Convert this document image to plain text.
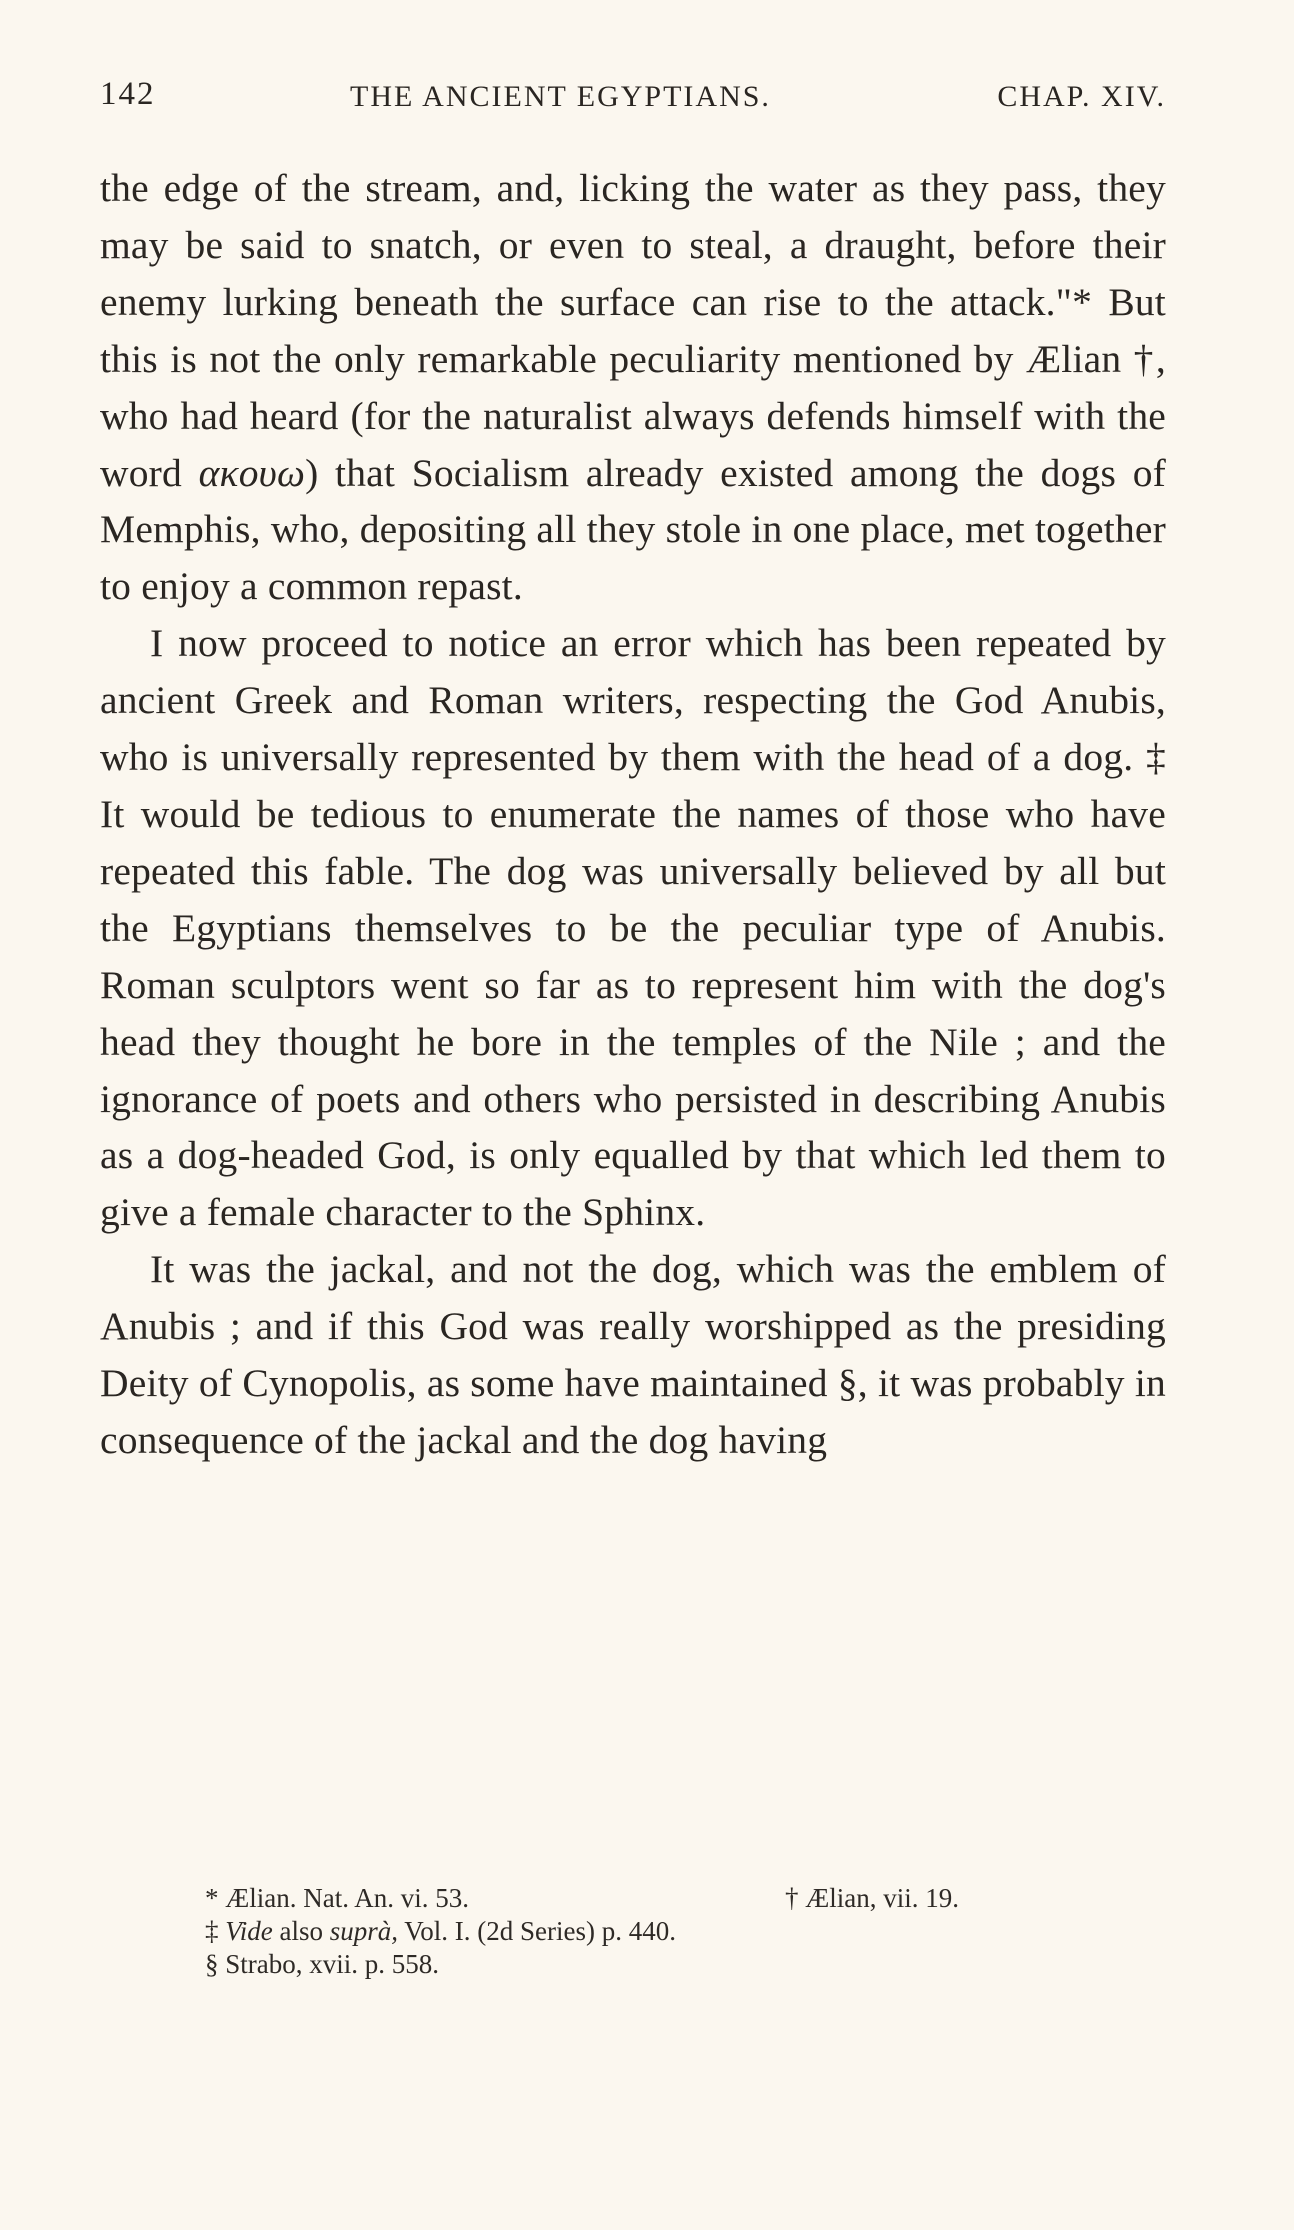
142	THE ANCIENT EGYPTIANS.	CHAP. XIV.

the edge of the stream, and, licking the water as they pass, they may be said to snatch, or even to steal, a draught, before their enemy lurking beneath the surface can rise to the attack."* But this is not the only remarkable peculiarity mentioned by Ælian †, who had heard (for the naturalist always defends himself with the word ακουω) that Socialism already existed among the dogs of Memphis, who, depositing all they stole in one place, met together to enjoy a common repast.

I now proceed to notice an error which has been repeated by ancient Greek and Roman writers, respecting the God Anubis, who is universally represented by them with the head of a dog. ‡ It would be tedious to enumerate the names of those who have repeated this fable. The dog was universally believed by all but the Egyptians themselves to be the peculiar type of Anubis. Roman sculptors went so far as to represent him with the dog's head they thought he bore in the temples of the Nile ; and the ignorance of poets and others who persisted in describing Anubis as a dog-headed God, is only equalled by that which led them to give a female character to the Sphinx.

It was the jackal, and not the dog, which was the emblem of Anubis ; and if this God was really worshipped as the presiding Deity of Cynopolis, as some have maintained §, it was probably in consequence of the jackal and the dog having

* Ælian. Nat. An. vi. 53.	† Ælian, vii. 19.
‡ Vide also suprà, Vol. I. (2d Series) p. 440.
§ Strabo, xvii. p. 558.
